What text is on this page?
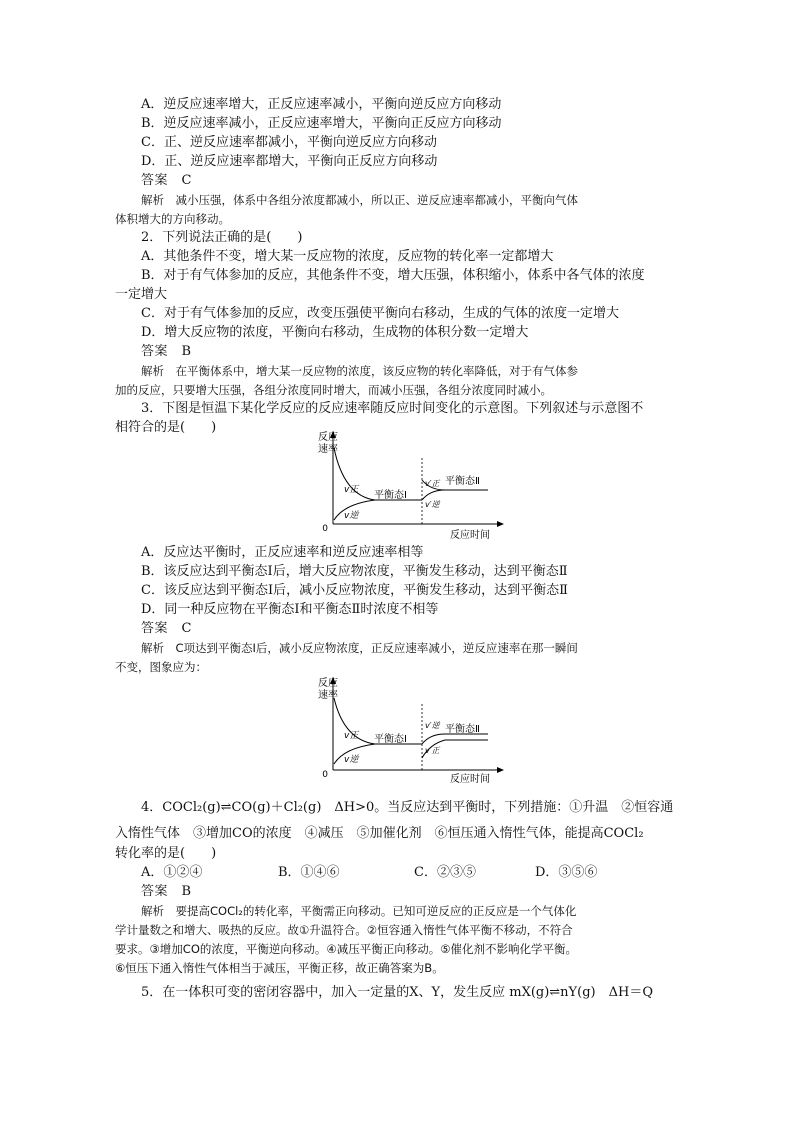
A．逆反应速率增大，正反应速率减小，平衡向逆反应方向移动
B．逆反应速率减小，正反应速率增大，平衡向正反应方向移动
C．正、逆反应速率都减小，平衡向逆反应方向移动
D．正、逆反应速率都增大，平衡向正反应方向移动
答案　C
解析　减小压强，体系中各组分浓度都减小，所以正、逆反应速率都减小，平衡向气体
体积增大的方向移动。
2．下列说法正确的是(　　)
A．其他条件不变，增大某一反应物的浓度，反应物的转化率一定都增大
B．对于有气体参加的反应，其他条件不变，增大压强，体积缩小，体系中各气体的浓度
一定增大
C．对于有气体参加的反应，改变压强使平衡向右移动，生成的气体的浓度一定增大
D．增大反应物的浓度，平衡向右移动，生成物的体积分数一定增大
答案　B
解析　在平衡体系中，增大某一反应物的浓度，该反应物的转化率降低，对于有气体参
加的反应，只要增大压强，各组分浓度同时增大，而减小压强，各组分浓度同时减小。
3．下图是恒温下某化学反应的反应速率随反应时间变化的示意图。下列叙述与示意图不
相符合的是(　　)
反应
速率
0
反应时间
v正
v逆
平衡态Ⅰ
v′正
v′逆
平衡态Ⅱ
A．反应达平衡时，正反应速率和逆反应速率相等
B．该反应达到平衡态Ⅰ后，增大反应物浓度，平衡发生移动，达到平衡态Ⅱ
C．该反应达到平衡态Ⅰ后，减小反应物浓度，平衡发生移动，达到平衡态Ⅱ
D．同一种反应物在平衡态Ⅰ和平衡态Ⅱ时浓度不相等
答案　C
解析　C项达到平衡态Ⅰ后，减小反应物浓度，正反应速率减小，逆反应速率在那一瞬间
不变，图象应为：
反应
速率
0	反应时间
v正
v逆
平衡态Ⅰ
v′逆
v′正
平衡态Ⅱ
4．COCl₂(g)⇌CO(g)＋Cl₂(g)　ΔH>0。当反应达到平衡时，下列措施：①升温　②恒容通
入惰性气体　③增加CO的浓度　④减压　⑤加催化剂　⑥恒压通入惰性气体，能提高COCl₂
转化率的是(　　)
A．①②④	B．①④⑥	C．②③⑤	D．③⑤⑥
答案　B
解析　要提高COCl₂的转化率，平衡需正向移动。已知可逆反应的正反应是一个气体化
学计量数之和增大、吸热的反应。故①升温符合。②恒容通入惰性气体平衡不移动，不符合
要求。③增加CO的浓度，平衡逆向移动。④减压平衡正向移动。⑤催化剂不影响化学平衡。
⑥恒压下通入惰性气体相当于减压，平衡正移，故正确答案为B。
5．在一体积可变的密闭容器中，加入一定量的X、Y，发生反应 mX(g)⇌nY(g)　ΔH＝Q
